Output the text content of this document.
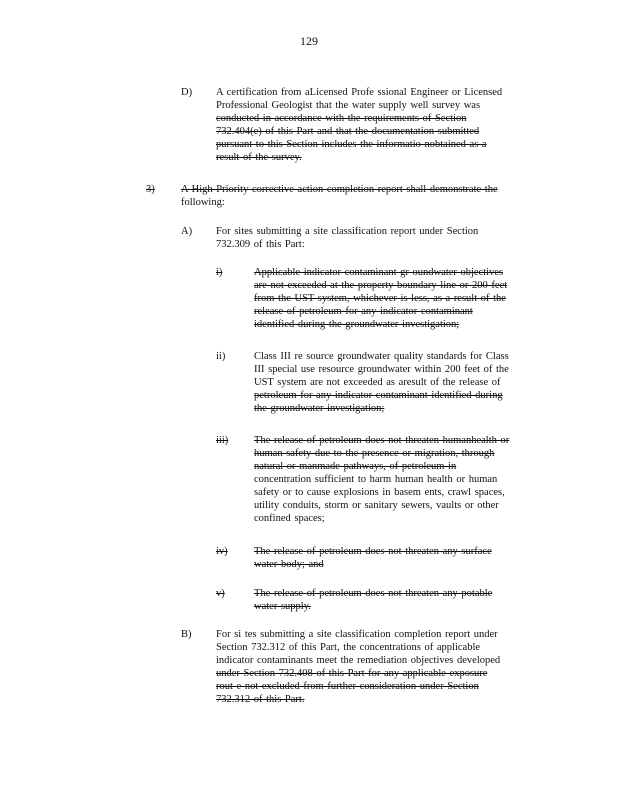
129
D) A certification from aLicensed Profe ssional Engineer or Licensed
Professional Geologist that the water supply well survey was
conducted in accordance with the requirements of Section
732.404(e) of this Part and that the documentation submitted
pursuant to this Section includes the informatio nobtained as a
result of the survey.
3)	A High Priority corrective action completion report shall demonstrate the
following:
A) For sites submitting a site classification report under Section
732.309 of this Part:
i)	Applicable indicator contaminant gr oundwater objectives
are not exceeded at the property boundary line or 200 feet
from the UST system, whichever is less, as a result of the
release of petroleum for any indicator contaminant
identified during the groundwater investigation;
ii)	Class III re source groundwater quality standards for Class
III special use resource groundwater within 200 feet of the
UST system are not exceeded as aresult of the release of
petroleum for any indicator contaminant identified during
the groundwater investigation;
iii) The release of petroleum does not threaten humanhealth or
human safety due to the presence or migration, through
natural or manmade pathways, of petroleum in
concentration sufficient to harm human health or human
safety or to cause explosions in basem ents, crawl spaces,
utility conduits, storm or sanitary sewers, vaults or other
confined spaces;
iv)	The release of petroleum does not threaten any surface
water body; and
v)	The release of petroleum does not threaten any potable
water supply.
B) For si tes submitting a site classification completion report under
Section 732.312 of this Part, the concentrations of applicable
indicator contaminants meet the remediation objectives developed
under Section 732.408 of this Part for any applicable exposure
rout e not excluded from further consideration under Section
732.312 of this Part.
